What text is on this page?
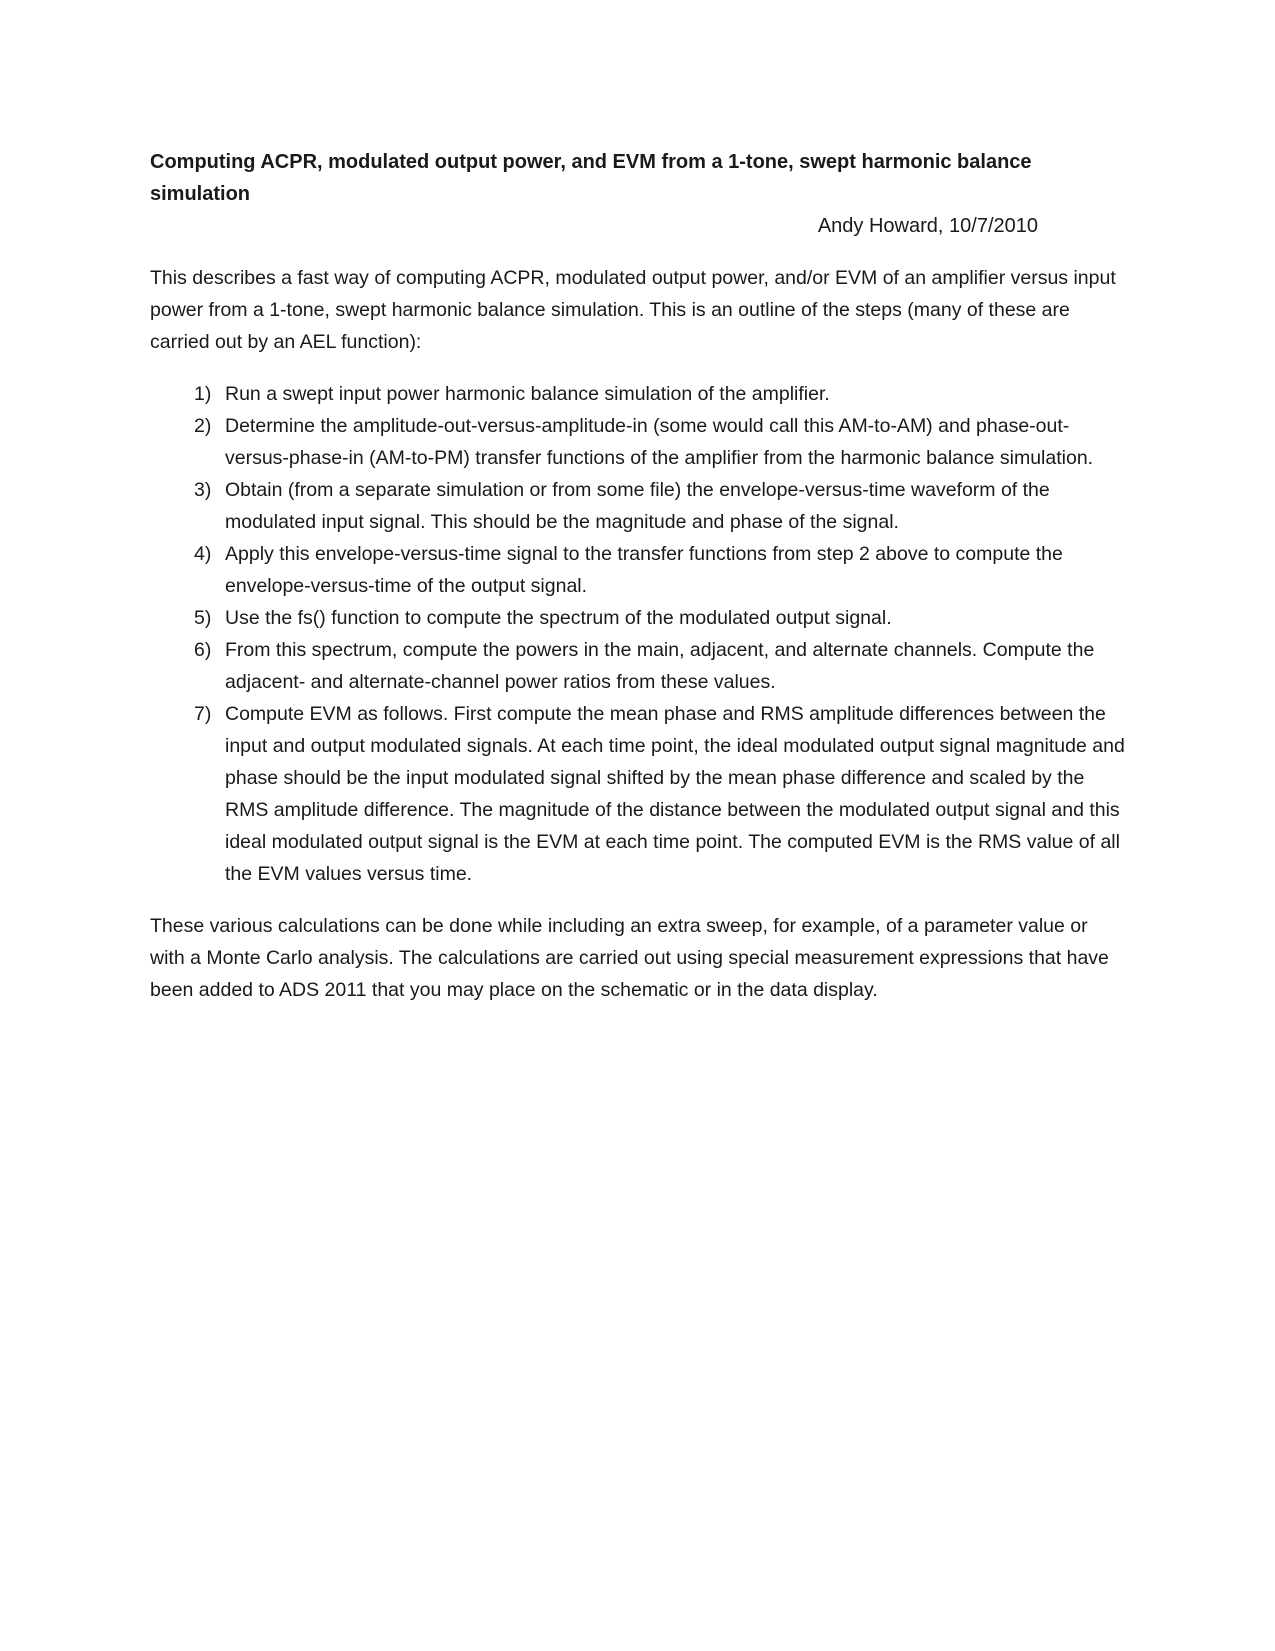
Computing ACPR, modulated output power, and EVM from a 1-tone, swept harmonic balance simulation

Andy Howard, 10/7/2010

This describes a fast way of computing ACPR, modulated output power, and/or EVM of an amplifier versus input power from a 1-tone, swept harmonic balance simulation. This is an outline of the steps (many of these are carried out by an AEL function):

1) Run a swept input power harmonic balance simulation of the amplifier.
2) Determine the amplitude-out-versus-amplitude-in (some would call this AM-to-AM) and phase-out-versus-phase-in (AM-to-PM) transfer functions of the amplifier from the harmonic balance simulation.
3) Obtain (from a separate simulation or from some file) the envelope-versus-time waveform of the modulated input signal. This should be the magnitude and phase of the signal.
4) Apply this envelope-versus-time signal to the transfer functions from step 2 above to compute the envelope-versus-time of the output signal.
5) Use the fs() function to compute the spectrum of the modulated output signal.
6) From this spectrum, compute the powers in the main, adjacent, and alternate channels. Compute the adjacent- and alternate-channel power ratios from these values.
7) Compute EVM as follows. First compute the mean phase and RMS amplitude differences between the input and output modulated signals. At each time point, the ideal modulated output signal magnitude and phase should be the input modulated signal shifted by the mean phase difference and scaled by the RMS amplitude difference. The magnitude of the distance between the modulated output signal and this ideal modulated output signal is the EVM at each time point. The computed EVM is the RMS value of all the EVM values versus time.

These various calculations can be done while including an extra sweep, for example, of a parameter value or with a Monte Carlo analysis. The calculations are carried out using special measurement expressions that have been added to ADS 2011 that you may place on the schematic or in the data display.
